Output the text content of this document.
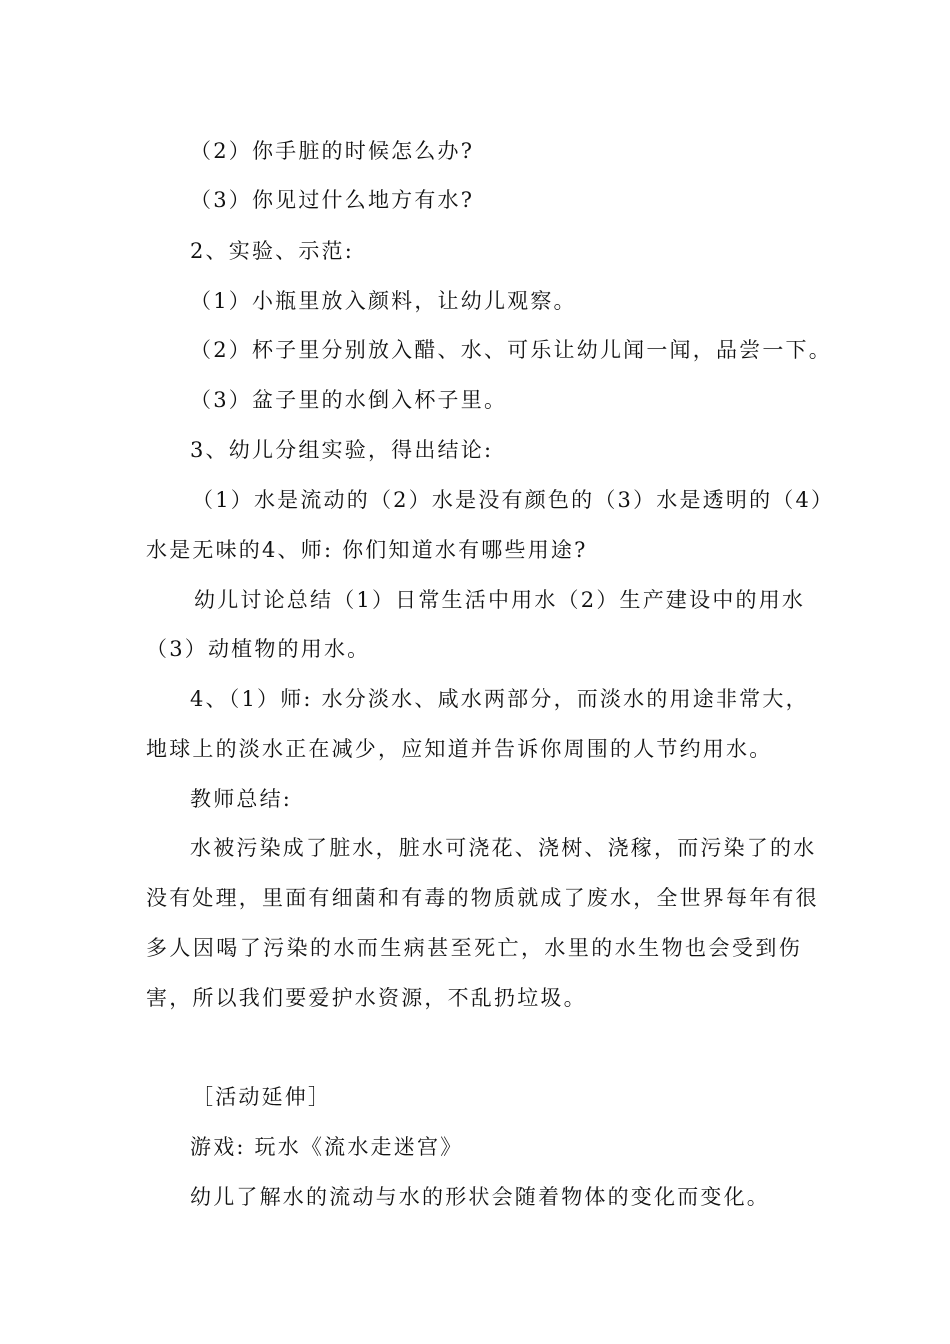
（2）你手脏的时候怎么办?
（3）你见过什么地方有水?
2、实验、示范:
（1）小瓶里放入颜料，让幼儿观察。
（2）杯子里分别放入醋、水、可乐让幼儿闻一闻，品尝一下。
（3）盆子里的水倒入杯子里。
3、幼儿分组实验，得出结论:
（1）水是流动的（2）水是没有颜色的（3）水是透明的（4）
水是无味的4、师: 你们知道水有哪些用途?
幼儿讨论总结（1）日常生活中用水（2）生产建设中的用水
（3）动植物的用水。
4、（1）师: 水分淡水、咸水两部分，而淡水的用途非常大，
地球上的淡水正在减少，应知道并告诉你周围的人节约用水。
教师总结:
水被污染成了脏水，脏水可浇花、浇树、浇稼，而污染了的水
没有处理，里面有细菌和有毒的物质就成了废水，全世界每年有很
多人因喝了污染的水而生病甚至死亡，水里的水生物也会受到伤
害，所以我们要爱护水资源，不乱扔垃圾。
［活动延伸］
游戏: 玩水《流水走迷宫》
幼儿了解水的流动与水的形状会随着物体的变化而变化。
